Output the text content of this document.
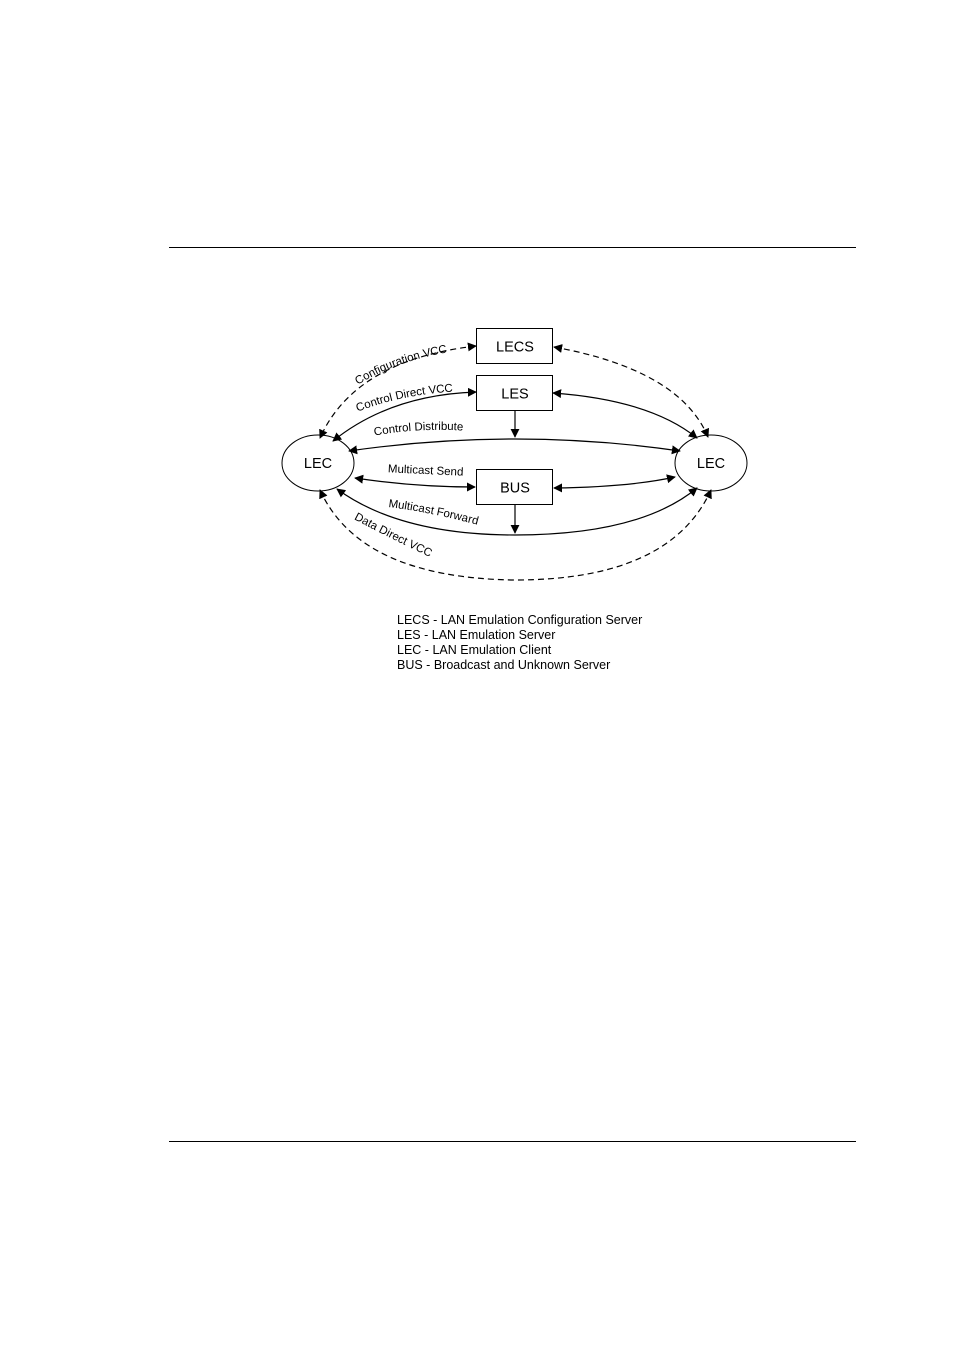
LECS
LES
BUS
LEC	LEC
Configuration VCC
Control Direct VCC
Control Distribute
Multicast Send
Multicast Forward
Data Direct VCC
LECS - LAN Emulation Configuration Server
LES - LAN Emulation Server
LEC - LAN Emulation Client
BUS - Broadcast and Unknown Server
